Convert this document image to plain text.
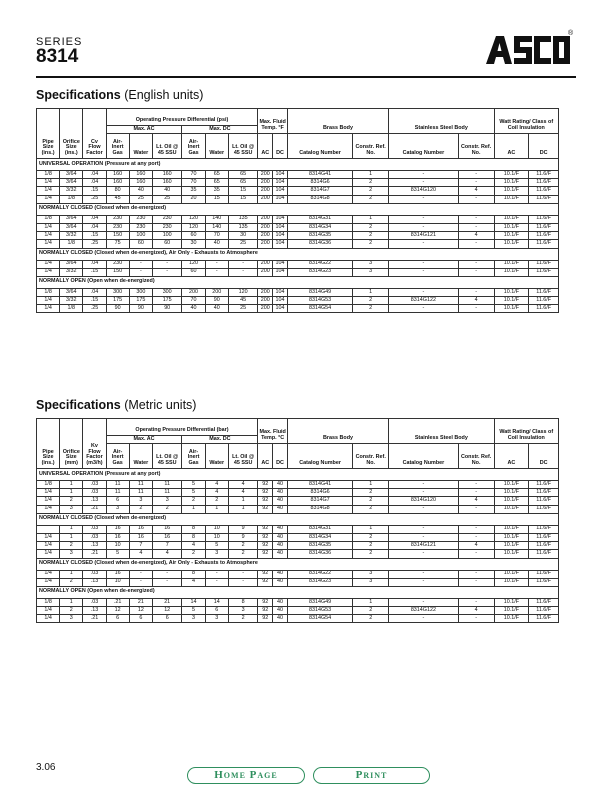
SERIES
8314
®
Specifications (English units)
Pipe Size (ins.)	Orifice Size (ins.)	Cv Flow Factor	Operating Pressure Differential (psi)						Max. Fluid Temp. °F		Brass Body		Stainless Steel Body		Watt Rating/ Class of Coil Insulation	
			Max. AC			Max. DC										
			Air-Inert Gas	Water	Lt. Oil @ 45 SSU	Air-Inert Gas	Water	Lt. Oil @ 45 SSU	AC	DC	Catalog Number	Constr. Ref. No.	Catalog Number	Constr. Ref. No.	AC	DC
UNIVERSAL OPERATION (Pressure at any port)																
1/8	3/64	.04	160	160	160	70	65	65	200	104	8314G41	1	-	-	10.1/F	11.6/F
1/4	3/64	.04	160	160	160	70	65	65	200	104	8314G6	2	-	-	10.1/F	11.6/F
1/4	3/32	.15	80	40	40	35	35	15	200	104	8314G7	2	8314G120	4	10.1/F	11.6/F
1/4	1/8	.25	45	25	25	20	15	15	200	104	8314G8	2	-	-	10.1/F	11.6/F
NORMALLY CLOSED (Closed when de-energized)																
1/8	3/64	.04	230	230	230	120	140	135	200	104	8314G31	1	-	-	10.1/F	11.6/F
1/4	3/64	.04	230	230	230	120	140	135	200	104	8314G34	2	-	-	10.1/F	11.6/F
1/4	3/32	.15	150	100	100	60	70	30	200	104	8314G35	2	8314G121	4	10.1/F	11.6/F
1/4	1/8	.25	75	60	60	30	40	25	200	104	8314G36	2	-	-	10.1/F	11.6/F
NORMALLY CLOSED (Closed when de-energized), Air Only - Exhausts to Atmosphere																
1/4	3/64	.04	230	-	-	120	-	-	200	104	8314G22	3	-	-	10.1/F	11.6/F
1/4	3/32	.15	150	-	-	60	-	-	200	104	8314G23	3	-	-	10.1/F	11.6/F
NORMALLY OPEN (Open when de-energized)																
1/8	3/64	.04	300	300	300	200	200	120	200	104	8314G49	1	-	-	10.1/F	11.6/F
1/4	3/32	.15	175	175	175	70	90	45	200	104	8314G53	2	8314G122	4	10.1/F	11.6/F
1/4	1/8	.25	90	90	90	40	40	25	200	104	8314G54	2	-	-	10.1/F	11.6/F
Specifications (Metric units)
Pipe Size (ins.)	Orifice Size (mm)	Kv Flow Factor (m3/h)	Operating Pressure Differential (bar)						Max. Fluid Temp. °C		Brass Body		Stainless Steel Body		Watt Rating/ Class of Coil Insulation	
			Max. AC			Max. DC										
			Air-Inert Gas	Water	Lt. Oil @ 45 SSU	Air-Inert Gas	Water	Lt. Oil @ 45 SSU	AC	DC	Catalog Number	Constr. Ref. No.	Catalog Number	Constr. Ref. No.	AC	DC
UNIVERSAL OPERATION (Pressure at any port)																
1/8	1	.03	11	11	11	5	4	4	92	40	8314G41	1	-	-	10.1/F	11.6/F
1/4	1	.03	11	11	11	5	4	4	92	40	8314G6	2	-	-	10.1/F	11.6/F
1/4	2	.13	6	3	3	2	2	1	92	40	8314G7	2	8314G120	4	10.1/F	11.6/F
1/4	3	.21	3	2	2	1	1	1	92	40	8314G8	2	-	-	10.1/F	11.6/F
NORMALLY CLOSED (Closed when de-energized)																
	1	.03	16	16	16	8	10	9	92	40	8314G31	1	-	-	10.1/F	11.6/F
1/4	1	.03	16	16	16	8	10	9	92	40	8314G34	2	-	-	10.1/F	11.6/F
1/4	2	.13	10	7	7	4	5	2	92	40	8314G35	2	8314G121	4	10.1/F	11.6/F
1/4	3	.21	5	4	4	2	3	2	92	40	8314G36	2	-	-	10.1/F	11.6/F
NORMALLY CLOSED (Closed when de-energized), Air Only - Exhausts to Atmosphere																
1/4	1	.03	16	-	-	8	-	-	92	40	8314G22	3	-	-	10.1/F	11.6/F
1/4	2	.13	10	-	-	4	-	-	92	40	8314G23	3	-	-	10.1/F	11.6/F
NORMALLY OPEN (Open when de-energized)																
1/8	1	.03	.21	21	21	14	14	8	92	40	8314G49	1	-	-	10.1/F	11.6/F
1/4	2	.13	12	12	12	5	6	3	92	40	8314G53	2	8314G122	4	10.1/F	11.6/F
1/4	3	.21	6	6	6	3	3	2	92	40	8314G54	2	-	-	10.1/F	11.6/F
3.06
Home Page	Print
